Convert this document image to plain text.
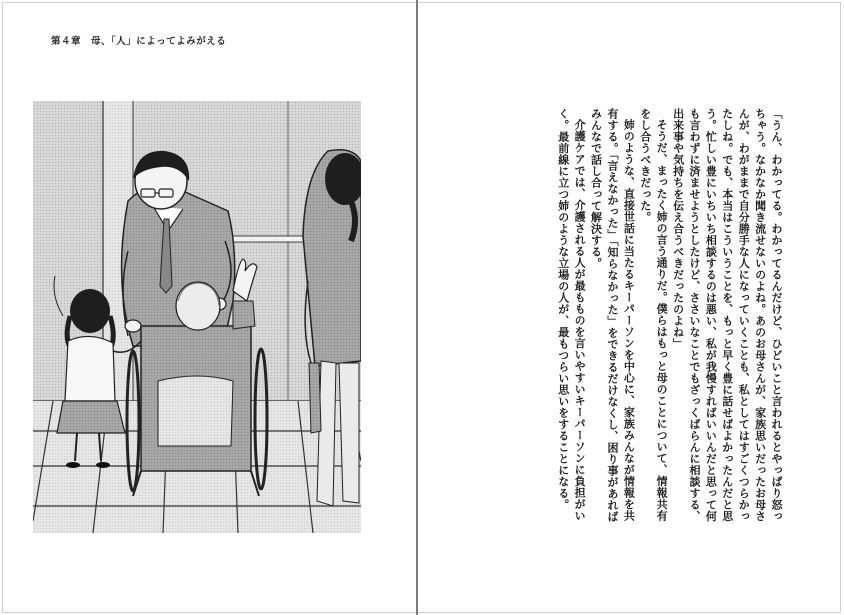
第４章　母、「人」によってよみがえる

「うん、わかってる。わかってるんだけど、ひどいこと言われるとやっぱり怒っちゃう。なかなか聞き流せないのよね。あのお母さんが、家族思いだったお母さんが、わがままで自分勝手な人になっていくことも、私としてはすごくつらかったしね。でも、本当はこういうことを、もっと早く豊に話せばよかったんだと思う。忙しい豊にいちいち相談するのは悪い、私が我慢すればいいんだと思って何も言わずに済ませようとしたけど、ささいなことでもざっくばらんに相談する、出来事や気持ちを伝え合うべきだったのよね」

そうだ、まったく姉の言う通りだ。僕らはもっと母のことについて、情報共有をし合うべきだった。

姉のような、直接世話に当たるキーパーソンを中心に、家族みんなが情報を共有する。「言えなかった」「知らなかった」をできるだけなくし、困り事があればみんなで話し合って解決する。

介護ケアでは、介護される人が最もものを言いやすいキーパーソンに負担がいく。最前線に立つ姉のような立場の人が、最もつらい思いをすることになる。
